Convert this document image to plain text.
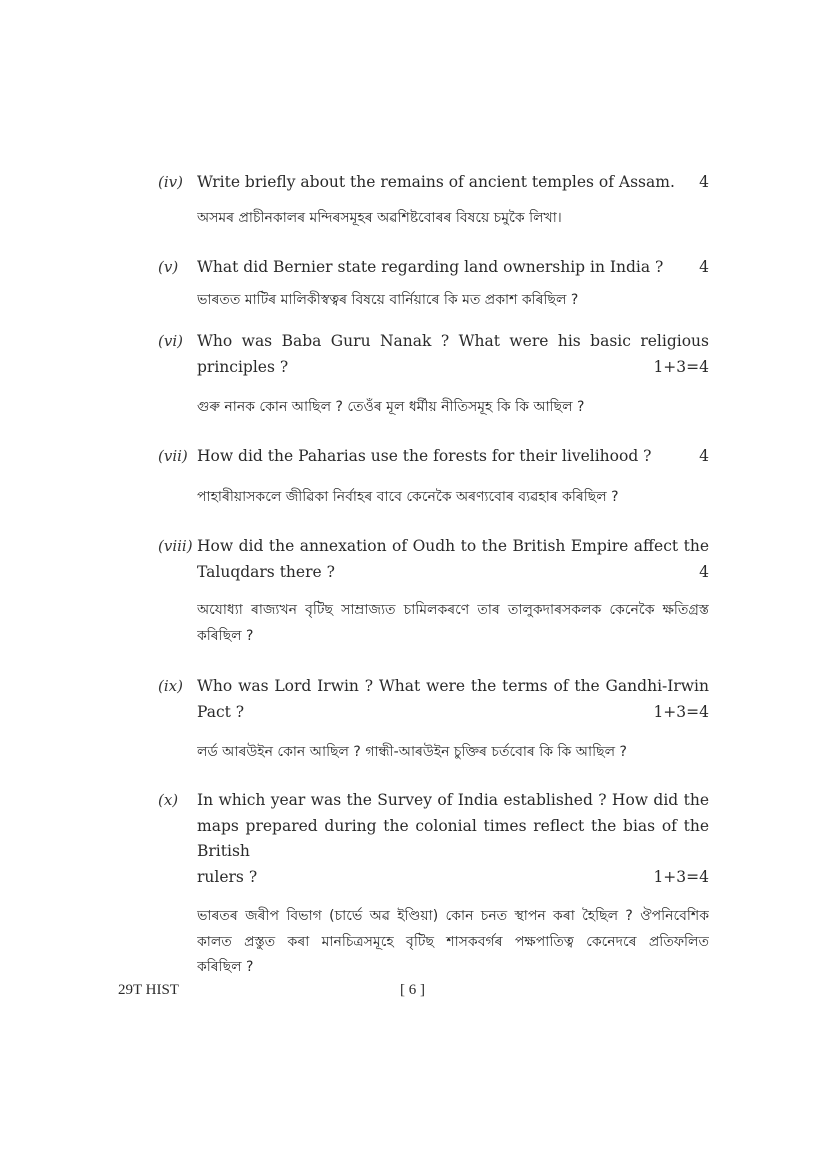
(iv) Write briefly about the remains of ancient temples of Assam.	4
অসমৰ প্ৰাচীনকালৰ মন্দিৰসমূহৰ অৱশিষ্টবোৰৰ বিষয়ে চমুকৈ লিখা।
(v) What did Bernier state regarding land ownership in India ?	4
ভাৰতত মাটিৰ মালিকীস্বত্বৰ বিষয়ে বাৰ্নিয়াৰে কি মত প্ৰকাশ কৰিছিল ?
(vi) Who was Baba Guru Nanak ? What were his basic religious
principles ?	1+3=4
গুৰু নানক কোন আছিল ? তেওঁৰ মূল ধৰ্মীয় নীতিসমূহ কি কি আছিল ?
(vii) How did the Paharias use the forests for their livelihood ?	4
পাহাৰীয়াসকলে জীৱিকা নিৰ্বাহৰ বাবে কেনেকৈ অৰণ্যবোৰ ব্যৱহাৰ কৰিছিল ?
(viii) How did the annexation of Oudh to the British Empire affect the
Taluqdars there ?	4
অযোধ্যা ৰাজ্যখন বৃটিছ সাম্ৰাজ্যত চামিলকৰণে তাৰ তালুকদাৰসকলক কেনেকৈ ক্ষতিগ্ৰস্ত
কৰিছিল ?
(ix) Who was Lord Irwin ? What were the terms of the Gandhi-Irwin
Pact ?	1+3=4
লৰ্ড আৰউইন কোন আছিল ? গান্ধী-আৰউইন চুক্তিৰ চৰ্তবোৰ কি কি আছিল ?
(x) In which year was the Survey of India established ? How did the
maps prepared during the colonial times reflect the bias of the British
rulers ?	1+3=4
ভাৰতৰ জৰীপ বিভাগ (চাৰ্ভে অৱ ইণ্ডিয়া) কোন চনত স্থাপন কৰা হৈছিল ? ঔপনিবেশিক
কালত প্ৰস্তুত কৰা মানচিত্ৰসমূহে বৃটিছ শাসকবৰ্গৰ পক্ষপাতিত্ব কেনেদৰে প্ৰতিফলিত
কৰিছিল ?
29T HIST	[ 6 ]
